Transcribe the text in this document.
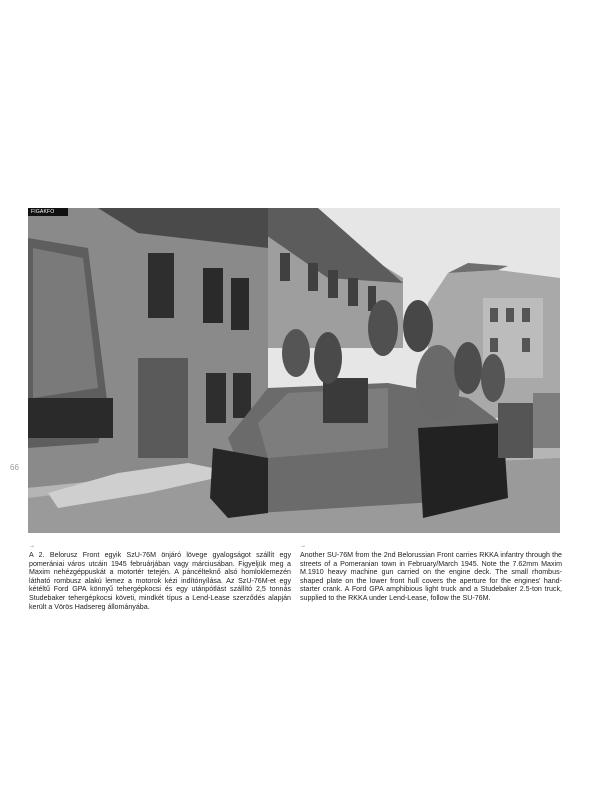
FIGAKFO
66
→
A 2. Belorusz Front egyik SzU-76M önjáró lövege gyalogságot szállít egy pomerániai város utcáin 1945 februárjában vagy márciusában. Figyeljük meg a Maxim nehézgéppuskát a motortér tetején. A páncélteknő alsó homloklemezén látható rombusz alakú lemez a motorok kézi indítónyílása. Az SzU-76M-et egy kétéltű Ford GPA könnyű tehergépkocsi és egy utánpótlást szállító 2,5 tonnás Studebaker tehergépkocsi követi, mindkét típus a Lend-Lease szerződés alapján került a Vörös Hadsereg állományába.
→
Another SU-76M from the 2nd Belorussian Front carries RKKA infantry through the streets of a Pomeranian town in February/March 1945. Note the 7.62mm Maxim M.1910 heavy machine gun carried on the engine deck. The small rhombus-shaped plate on the lower front hull covers the aperture for the engines' hand-starter crank. A Ford GPA amphibious light truck and a Studebaker 2.5-ton truck, supplied to the RKKA under Lend-Lease, follow the SU-76M.
